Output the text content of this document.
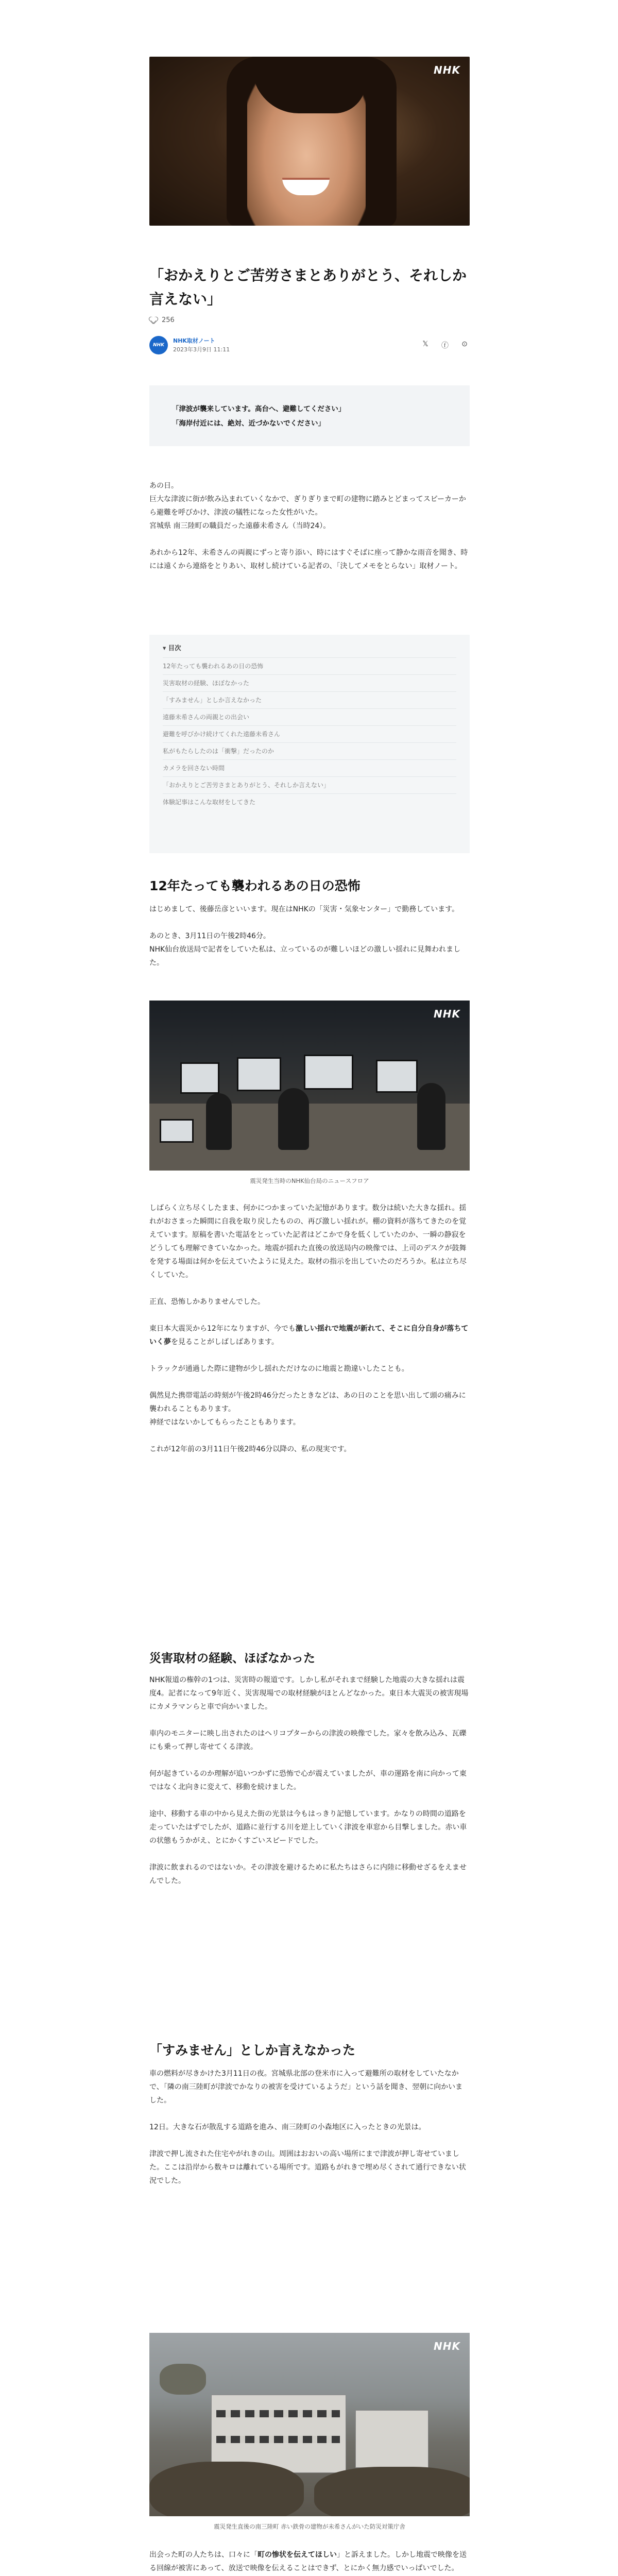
NHK
「おかえりとご苦労さまとありがとう、それしか言えない」
256
NHK
NHK取材ノート
2023年3月9日 11:11
𝕏	ⓕ ⊙

「津波が襲来しています。高台へ、避難してください」

「海岸付近には、絶対、近づかないでください」

あの日。

巨大な津波に街が飲み込まれていくなかで、ぎりぎりまで町の建物に踏みとどまってスピーカーから避難を呼びかけ、津波の犠牲になった女性がいた。

宮城県 南三陸町の職員だった遠藤未希さん（当時24）。

あれから12年、未希さんの両親にずっと寄り添い、時にはすぐそばに座って静かな雨音を聞き、時には遠くから連絡をとりあい、取材し続けている記者の、「決してメモをとらない」取材ノート。

▾ 目次
12年たっても襲われるあの日の恐怖
災害取材の経験、ほぼなかった
「すみません」としか言えなかった
遠藤未希さんの両親との出会い
避難を呼びかけ続けてくれた遠藤未希さん
私がもたらしたのは「衝撃」だったのか
カメラを回さない時間
「おかえりとご苦労さまとありがとう、それしか言えない」
体験記事はこんな取材をしてきた
12年たっても襲われるあの日の恐怖

はじめまして、後藤岳彦といいます。現在はNHKの「災害・気象センター」で勤務しています。

あのとき、3月11日の午後2時46分。

NHK仙台放送局で記者をしていた私は、立っているのが難しいほどの激しい揺れに見舞われました。

NHK
震災発生当時のNHK仙台局のニュースフロア

しばらく立ち尽くしたまま、何かにつかまっていた記憶があります。数分は続いた大きな揺れ。揺れがおさまった瞬間に自我を取り戻したものの、再び激しい揺れが。棚の資料が落ちてきたのを覚えています。原稿を書いた電話をとっていた記者はどこかで身を低くしていたのか、一瞬の静寂をどうしても理解できていなかった。地震が揺れた直後の放送局内の映像では、上司のデスクが鼓舞を発する場面は何かを伝えていたように見えた。取材の指示を出していたのだろうか。私は立ち尽くしていた。

正直、恐怖しかありませんでした。

東日本大震災から12年になりますが、今でも激しい揺れで地震が新れて、そこに自分自身が落ちていく夢を見ることがしばしばあります。

トラックが通過した際に建物が少し揺れただけなのに地震と勘違いしたことも。

偶然見た携帯電話の時刻が午後2時46分だったときなどは、あの日のことを思い出して頭の痛みに襲われることもあります。

神経ではないかしてもらったこともあります。

これが12年前の3月11日午後2時46分以降の、私の現実です。

災害取材の経験、ほぼなかった

NHK報道の権幹の1つは、災害時の報道です。しかし私がそれまで経験した地震の大きな揺れは震度4。記者になって9年近く、災害現場での取材経験がほとんどなかった。東日本大震災の被害現場にカメラマンらと車で向かいました。

車内のモニターに映し出されたのはヘリコプターからの津波の映像でした。家々を飲み込み、瓦礫にも乗って押し寄せてくる津波。

何が起きているのか理解が追いつかずに恐怖で心が震えていましたが、車の運路を南に向かって東ではなく北向きに変えて、移動を続けました。

途中、移動する車の中から見えた街の光景は今もはっきり記憶しています。かなりの時間の道路を走っていたはずでしたが、道路に並行する川を逆上していく津波を車窓から目撃しました。赤い車の状態もうかがえ、とにかくすごいスピードでした。

津波に飲まれるのではないか。その津波を避けるために私たちはさらに内陸に移動せざるをえませんでした。

「すみません」としか言えなかった

車の燃料が尽きかけた3月11日の夜。宮城県北部の登米市に入って避難所の取材をしていたなかで、「隣の南三陸町が津波でかなりの被害を受けているようだ」という話を聞き、翌朝に向かいました。

12日。大きな石が散乱する道路を進み、南三陸町の小森地区に入ったときの光景は。

津波で押し流された住宅やがれきの山。周囲はおおいの高い場所にまで津波が押し寄せていました。ここは沿岸から数キロは離れている場所です。道路もがれきで埋め尽くされて通行できない状況でした。

NHK
震災発生直後の南三陸町 赤い鉄骨の建物が未希さんがいた防災対策庁舎

出会った町の人たちは、口々に「町の惨状を伝えてほしい」と訴えました。しかし地震で映像を送る回線が被害にあって、放送で映像を伝えることはできず、とにかく無力感でいっぱいでした。
